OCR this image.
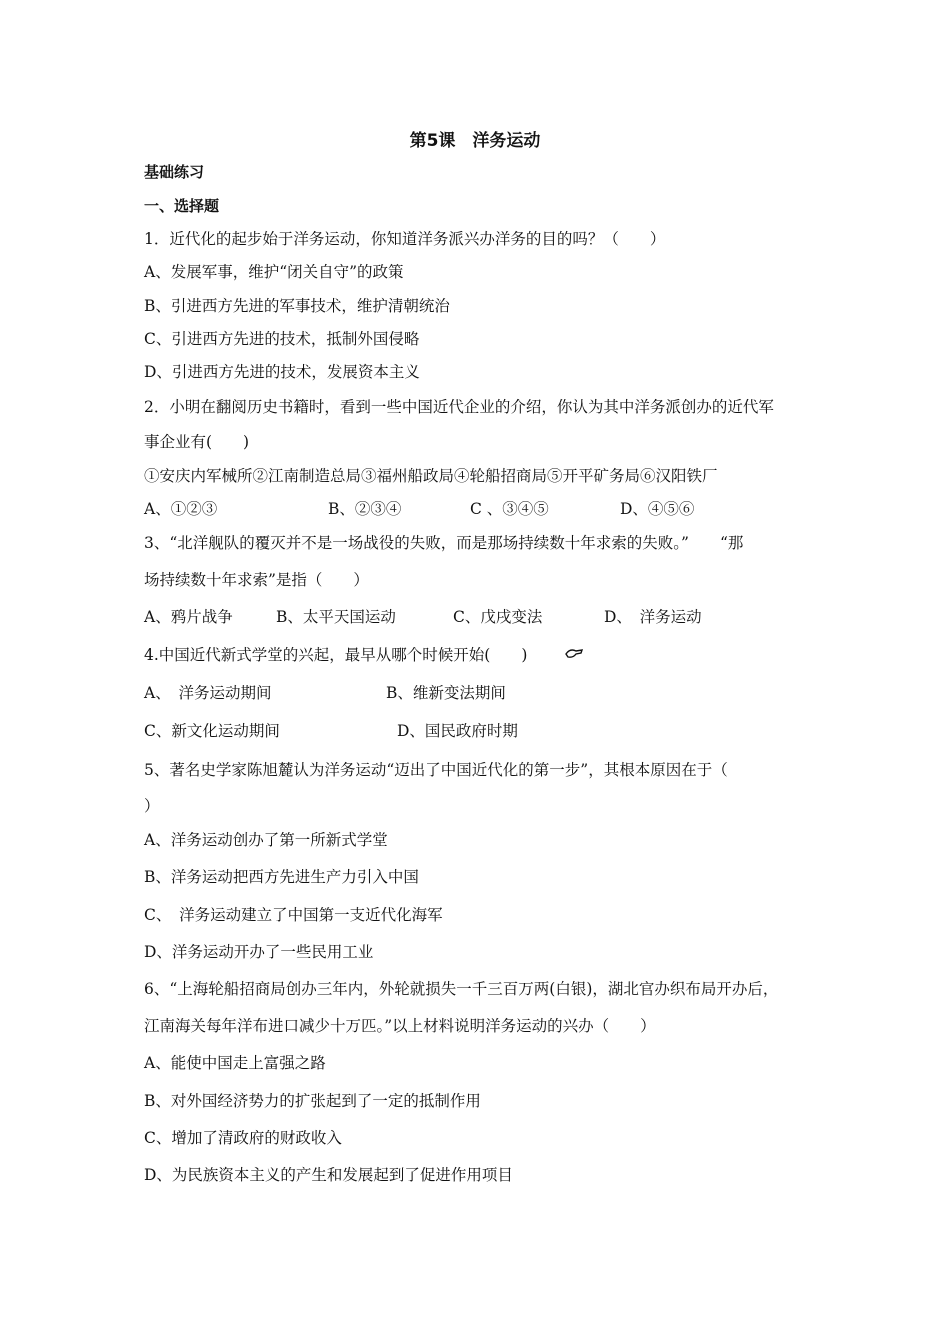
第5课　洋务运动
基础练习
一、选择题
1．近代化的起步始于洋务运动，你知道洋务派兴办洋务的目的吗？（　　）
A、发展军事，维护“闭关自守”的政策
B、引进西方先进的军事技术，维护清朝统治
C、引进西方先进的技术，抵制外国侵略
D、引进西方先进的技术，发展资本主义
2．小明在翻阅历史书籍时，看到一些中国近代企业的介绍，你认为其中洋务派创办的近代军
事企业有(　　)
①安庆内军械所②江南制造总局③福州船政局④轮船招商局⑤开平矿务局⑥汉阳铁厂
A、①②③	B、②③④	C 、③④⑤	D、④⑤⑥
3、“北洋舰队的覆灭并不是一场战役的失败，而是那场持续数十年求索的失败。”　　“那
场持续数十年求索”是指（　　）
A、鸦片战争	B、太平天国运动	C、戊戌变法	D、　洋务运动
4.中国近代新式学堂的兴起，最早从哪个时候开始(　　)
A、　洋务运动期间	B、维新变法期间
C、新文化运动期间	D、国民政府时期
5、著名史学家陈旭麓认为洋务运动“迈出了中国近代化的第一步”，其根本原因在于（
）
A、洋务运动创办了第一所新式学堂
B、洋务运动把西方先进生产力引入中国
C、　洋务运动建立了中国第一支近代化海军
D、洋务运动开办了一些民用工业
6、“上海轮船招商局创办三年内，外轮就损失一千三百万两(白银)，湖北官办织布局开办后，
江南海关每年洋布进口减少十万匹。”以上材料说明洋务运动的兴办（　　）
A、能使中国走上富强之路
B、对外国经济势力的扩张起到了一定的抵制作用
C、增加了清政府的财政收入
D、为民族资本主义的产生和发展起到了促进作用项目
